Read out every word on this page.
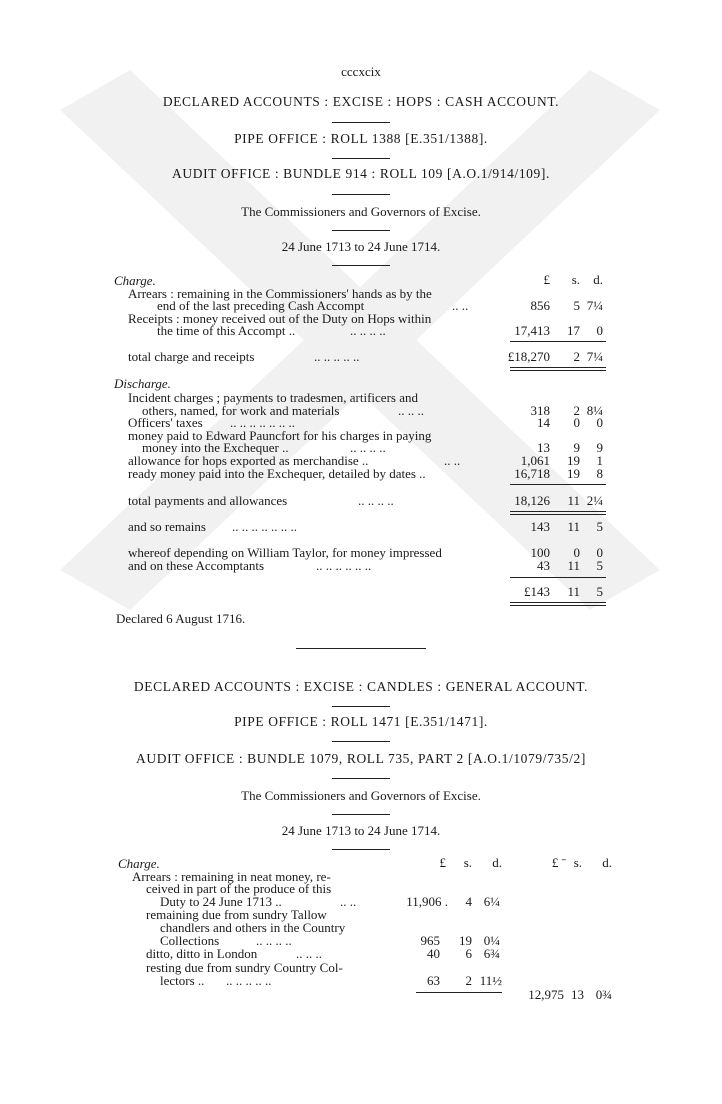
cccxcix
DECLARED ACCOUNTS : EXCISE : HOPS : CASH ACCOUNT.
PIPE OFFICE : ROLL 1388 [E.351/1388].
AUDIT OFFICE : BUNDLE 914 : ROLL 109 [A.O.1/914/109].
The Commissioners and Governors of Excise.
24 June 1713 to 24 June 1714.
£	s.	d.
Charge.
Arrears : remaining in the Commissioners' hands as by the
end of the last preceding Cash Accompt	.. ..	856	5 7¼
Receipts : money received out of the Duty on Hops within
the time of this Accompt ..	.. .. .. ..	17,413	17	0
total charge and receipts	.. .. .. .. ..	£18,270	2 7¼
Discharge.
Incident charges ; payments to tradesmen, artificers and
others, named, for work and materials	.. .. ..	318	2 8¼
Officers' taxes .. .. .. .. .. .. ..	14	0	0
money paid to Edward Pauncfort for his charges in paying
money into the Exchequer ..	.. .. .. ..	13	9	9
allowance for hops exported as merchandise ..	.. ..	1,061	19	1
ready money paid into the Exchequer, detailed by dates ..	16,718	19	8
total payments and allowances	.. .. .. ..	18,126	11 2¼
and so remains .. .. .. .. .. .. ..	143	11	5
whereof depending on William Taylor, for money impressed	100	0	0
and on these Accomptants	.. .. .. .. .. ..	43	11	5
£143	11	5
Declared 6 August 1716.
DECLARED ACCOUNTS : EXCISE : CANDLES : GENERAL ACCOUNT.
PIPE OFFICE : ROLL 1471 [E.351/1471].
AUDIT OFFICE : BUNDLE 1079, ROLL 735, PART 2 [A.O.1/1079/735/2]
The Commissioners and Governors of Excise.
24 June 1713 to 24 June 1714.
£	s.	d.	£ ˉ s.	d.
Charge.
Arrears : remaining in neat money, re-
ceived in part of the produce of this
Duty to 24 June 1713 ..	.. ..	11,906 .	4 6¼
remaining due from sundry Tallow
chandlers and others in the Country
Collections	.. .. .. ..	965	19 0¼
ditto, ditto in London	.. .. ..	40	6 6¾
resting due from sundry Country Col-
lectors .. .. .. .. .. ..	63	2 11½
12,975 13 0¾
